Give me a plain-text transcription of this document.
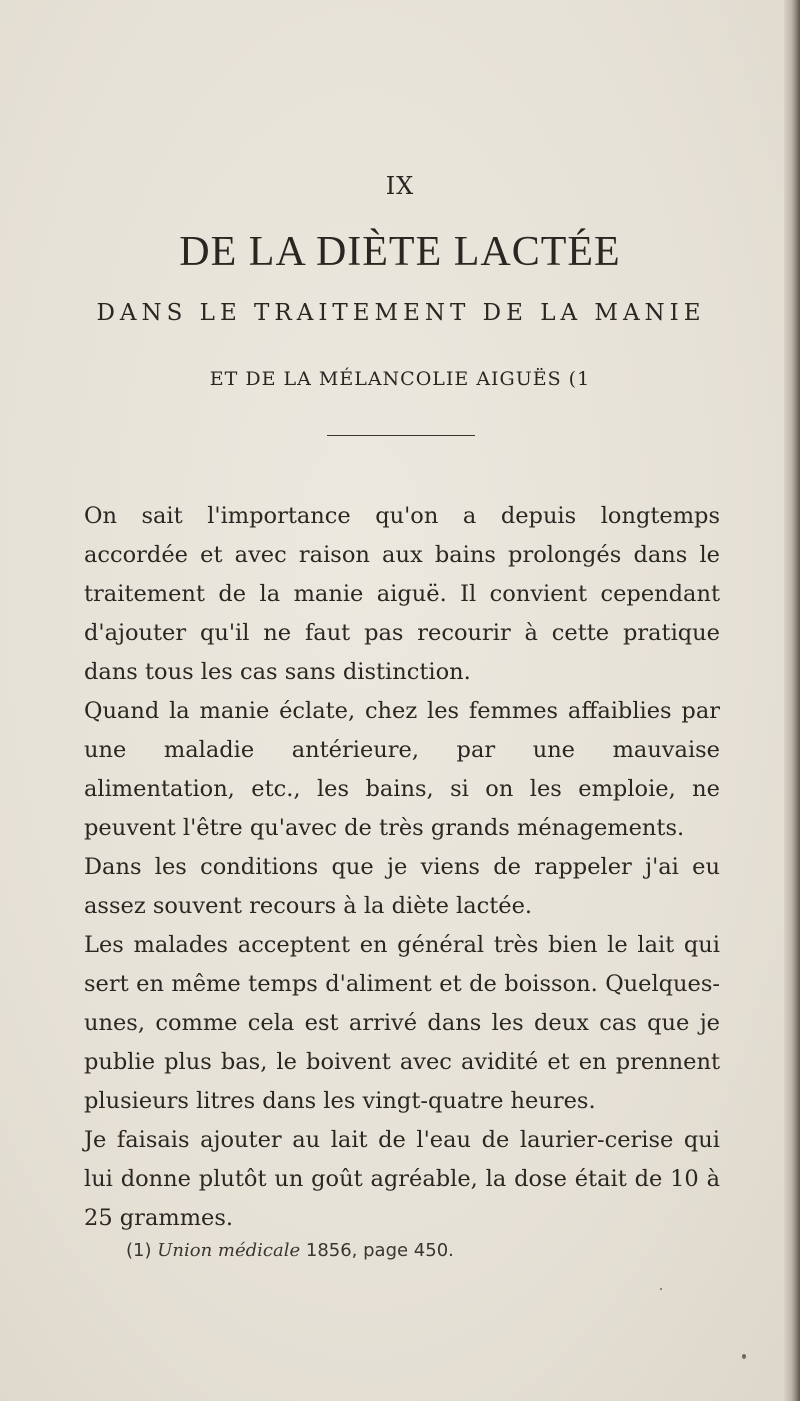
IX
DE LA DIÈTE LACTÉE
DANS LE TRAITEMENT DE LA MANIE
ET DE LA MÉLANCOLIE AIGUËS (1

On sait l'importance qu'on a depuis longtemps accordée et avec raison aux bains prolongés dans le traitement de la manie aiguë. Il convient cependant d'ajouter qu'il ne faut pas recourir à cette pratique dans tous les cas sans distinction.

Quand la manie éclate, chez les femmes affaiblies par une maladie antérieure, par une mauvaise alimentation, etc., les bains, si on les emploie, ne peuvent l'être qu'avec de très grands ménagements.

Dans les conditions que je viens de rappeler j'ai eu assez souvent recours à la diète lactée.

Les malades acceptent en général très bien le lait qui sert en même temps d'aliment et de boisson. Quelques-unes, comme cela est arrivé dans les deux cas que je publie plus bas, le boivent avec avidité et en prennent plusieurs litres dans les vingt-quatre heures.

Je faisais ajouter au lait de l'eau de laurier-cerise qui lui donne plutôt un goût agréable, la dose était de 10 à 25 grammes.

(1) Union médicale 1856, page 450.
